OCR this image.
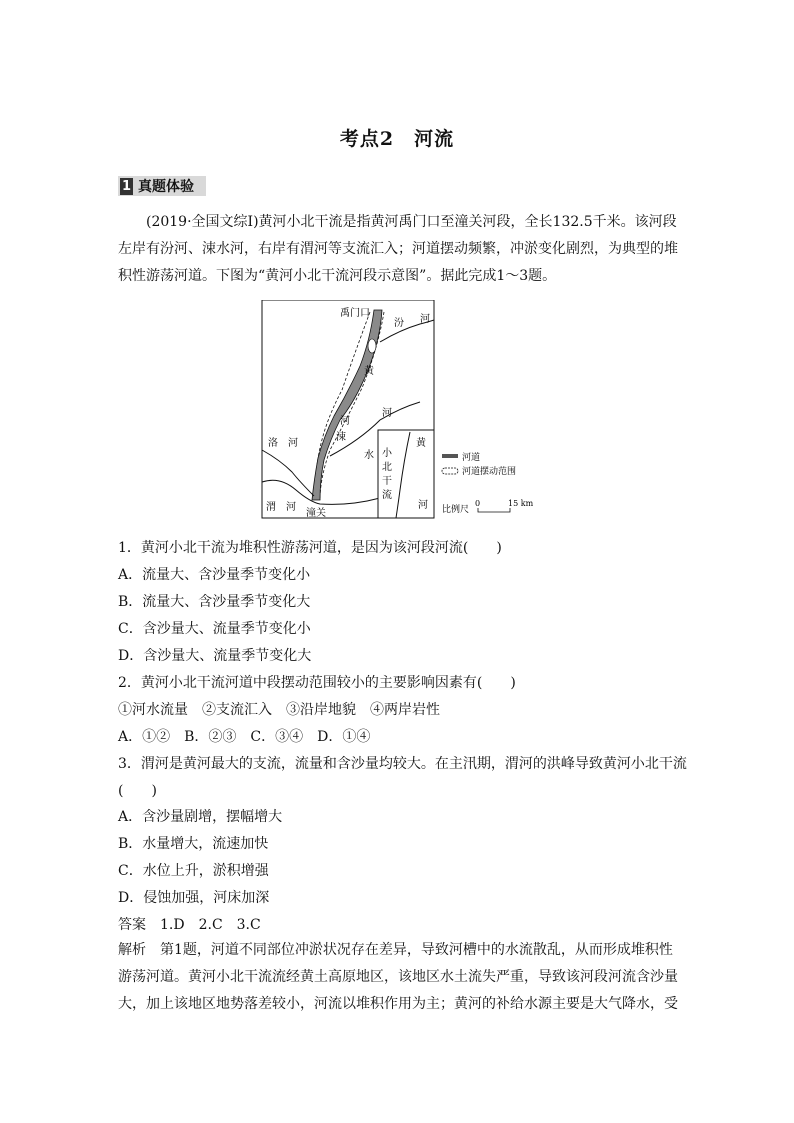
考点2　河流
1 真题体验
(2019·全国文综Ⅰ)黄河小北干流是指黄河禹门口至潼关河段，全长132.5千米。该河段
左岸有汾河、涑水河，右岸有渭河等支流汇入；河道摆动频繁，冲淤变化剧烈，为典型的堆
积性游荡河道。下图为“黄河小北干流河段示意图”。据此完成1～3题。
禹门口
汾 河
黄
河
河
水
涑
洛 河
渭 河
潼关
黄
河
小
北
干
流
河道
河道摆动范围
比例尺
0	15 km
1．黄河小北干流为堆积性游荡河道，是因为该河段河流(　　)
A．流量大、含沙量季节变化小
B．流量大、含沙量季节变化大
C．含沙量大、流量季节变化小
D．含沙量大、流量季节变化大
2．黄河小北干流河道中段摆动范围较小的主要影响因素有(　　)
①河水流量　②支流汇入　③沿岸地貌　④两岸岩性
A．①②　B．②③　C．③④　D．①④
3．渭河是黄河最大的支流，流量和含沙量均较大。在主汛期，渭河的洪峰导致黄河小北干流
(　　)
A．含沙量剧增，摆幅增大
B．水量增大，流速加快
C．水位上升，淤积增强
D．侵蚀加强，河床加深
答案　1.D　2.C　3.C
解析　第1题，河道不同部位冲淤状况存在差异，导致河槽中的水流散乱，从而形成堆积性
游荡河道。黄河小北干流流经黄土高原地区，该地区水土流失严重，导致该河段河流含沙量
大，加上该地区地势落差较小，河流以堆积作用为主；黄河的补给水源主要是大气降水，受
